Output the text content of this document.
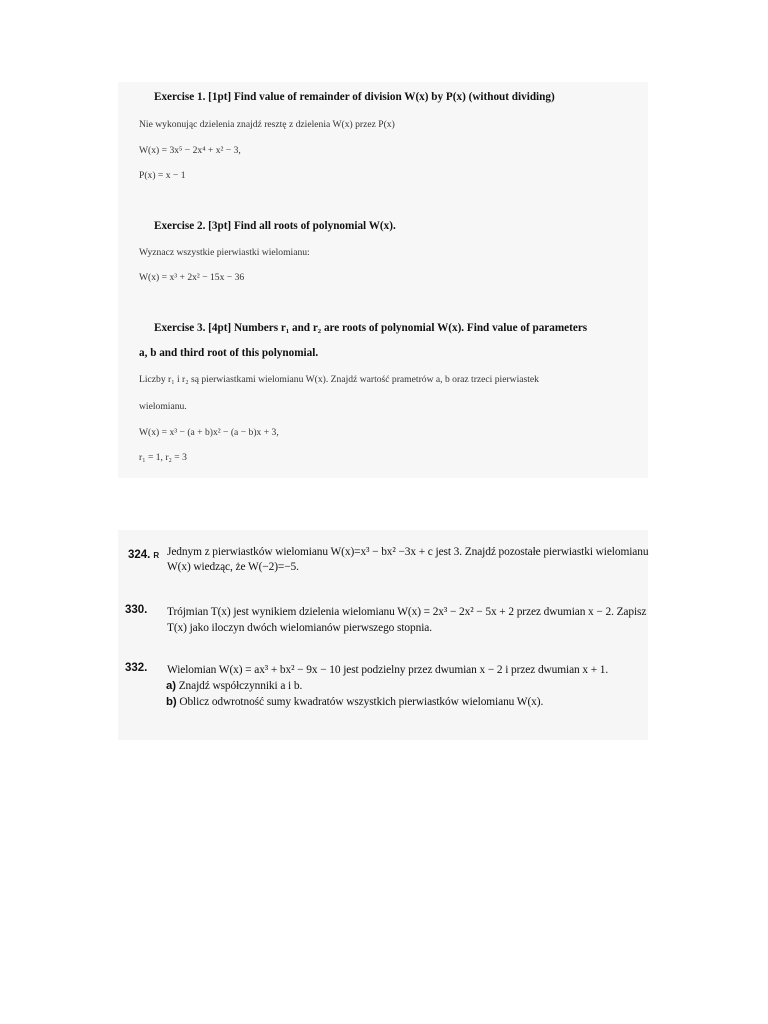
Exercise 1. [1pt] Find value of remainder of division W(x) by P(x) (without dividing)
Nie wykonując dzielenia znajdź resztę z dzielenia W(x) przez P(x)
W(x) = 3x⁵ − 2x⁴ + x² − 3,
P(x) = x − 1
Exercise 2. [3pt] Find all roots of polynomial W(x).
Wyznacz wszystkie pierwiastki wielomianu:
W(x) = x³ + 2x² − 15x − 36
Exercise 3. [4pt] Numbers r₁ and r₂ are roots of polynomial W(x). Find value of parameters
a, b and third root of this polynomial.
Liczby r₁ i r₂ są pierwiastkami wielomianu W(x). Znajdź wartość prametrów a, b oraz trzeci pierwiastek
wielomianu.
W(x) = x³ − (a + b)x² − (a − b)x + 3,
r₁ = 1, r₂ = 3
324. R Jednym z pierwiastków wielomianu W(x)=x³ − bx² −3x + c jest 3. Znajdź pozostałe pierwiastki wielomianu
W(x) wiedząc, że W(−2)=−5.
330. Trójmian T(x) jest wynikiem dzielenia wielomianu W(x) = 2x³ − 2x² − 5x + 2 przez dwumian x − 2. Zapisz
T(x) jako iloczyn dwóch wielomianów pierwszego stopnia.
332. Wielomian W(x) = ax³ + bx² − 9x − 10 jest podzielny przez dwumian x − 2 i przez dwumian x + 1.
a) Znajdź współczynniki a i b.
b) Oblicz odwrotność sumy kwadratów wszystkich pierwiastków wielomianu W(x).
